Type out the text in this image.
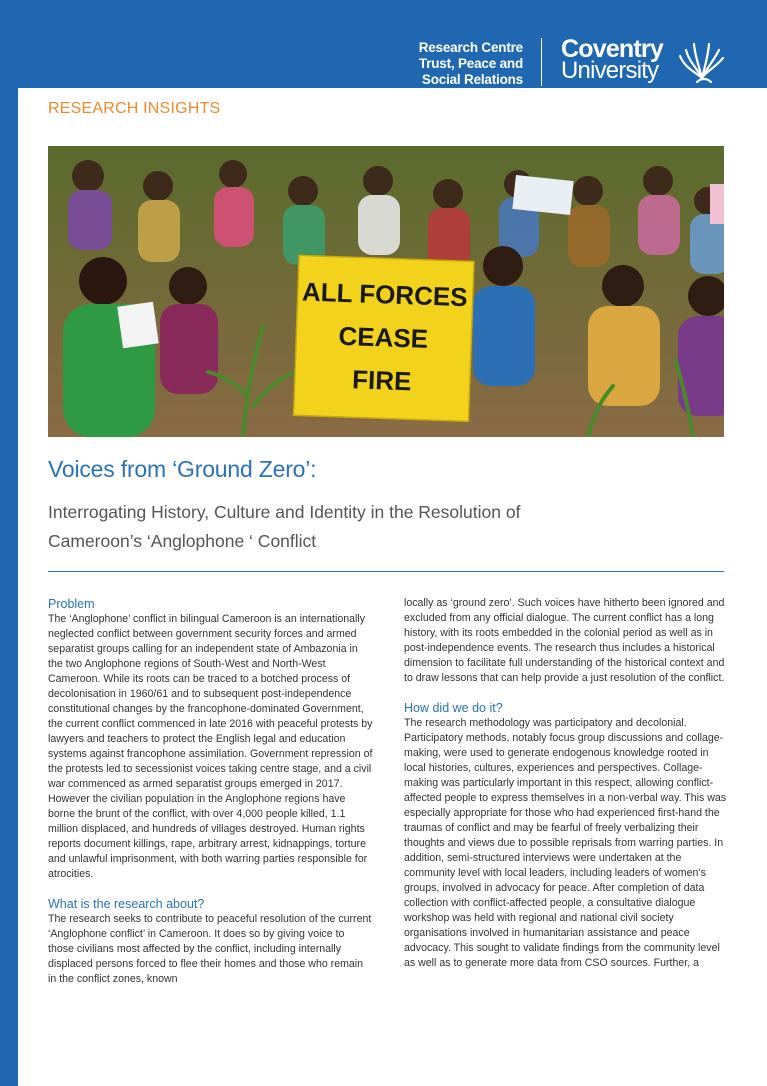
Research Centre
Trust, Peace and
Social Relations
Coventry
University
RESEARCH INSIGHTS
ALL FORCES
CEASE
FIRE
Voices from ‘Ground Zero’:
Interrogating History, Culture and Identity in the Resolution of
Cameroon’s ‘Anglophone ‘ Conflict
Problem

The ‘Anglophone’ conflict in bilingual Cameroon is an internationally neglected conflict between government security forces and armed separatist groups calling for an independent state of Ambazonia in the two Anglophone regions of South-West and North-West Cameroon. While its roots can be traced to a botched process of decolonisation in 1960/61 and to subsequent post-independence constitutional changes by the francophone-dominated Government, the current conflict commenced in late 2016 with peaceful protests by lawyers and teachers to protect the English legal and education systems against francophone assimilation. Government repression of the protests led to secessionist voices taking centre stage, and a civil war commenced as armed separatist groups emerged in 2017. However the civilian population in the Anglophone regions have borne the brunt of the conflict, with over 4,000 people killed, 1.1 million displaced, and hundreds of villages destroyed. Human rights reports document killings, rape, arbitrary arrest, kidnappings, torture and unlawful imprisonment, with both warring parties responsible for atrocities.

What is the research about?

The research seeks to contribute to peaceful resolution of the current ‘Anglophone conflict’ in Cameroon. It does so by giving voice to those civilians most affected by the conflict, including internally displaced persons forced to flee their homes and those who remain in the conflict zones, known

locally as ‘ground zero’. Such voices have hitherto been ignored and excluded from any official dialogue. The current conflict has a long history, with its roots embedded in the colonial period as well as in post-independence events. The research thus includes a historical dimension to facilitate full understanding of the historical context and to draw lessons that can help provide a just resolution of the conflict.

How did we do it?

The research methodology was participatory and decolonial. Participatory methods, notably focus group discussions and collage-making, were used to generate endogenous knowledge rooted in local histories, cultures, experiences and perspectives. Collage-making was particularly important in this respect, allowing conflict-affected people to express themselves in a non-verbal way. This was especially appropriate for those who had experienced first-hand the traumas of conflict and may be fearful of freely verbalizing their thoughts and views due to possible reprisals from warring parties. In addition, semi-structured interviews were undertaken at the community level with local leaders, including leaders of women’s groups, involved in advocacy for peace. After completion of data collection with conflict-affected people, a consultative dialogue workshop was held with regional and national civil society organisations involved in humanitarian assistance and peace advocacy. This sought to validate findings from the community level as well as to generate more data from CSO sources. Further, a
